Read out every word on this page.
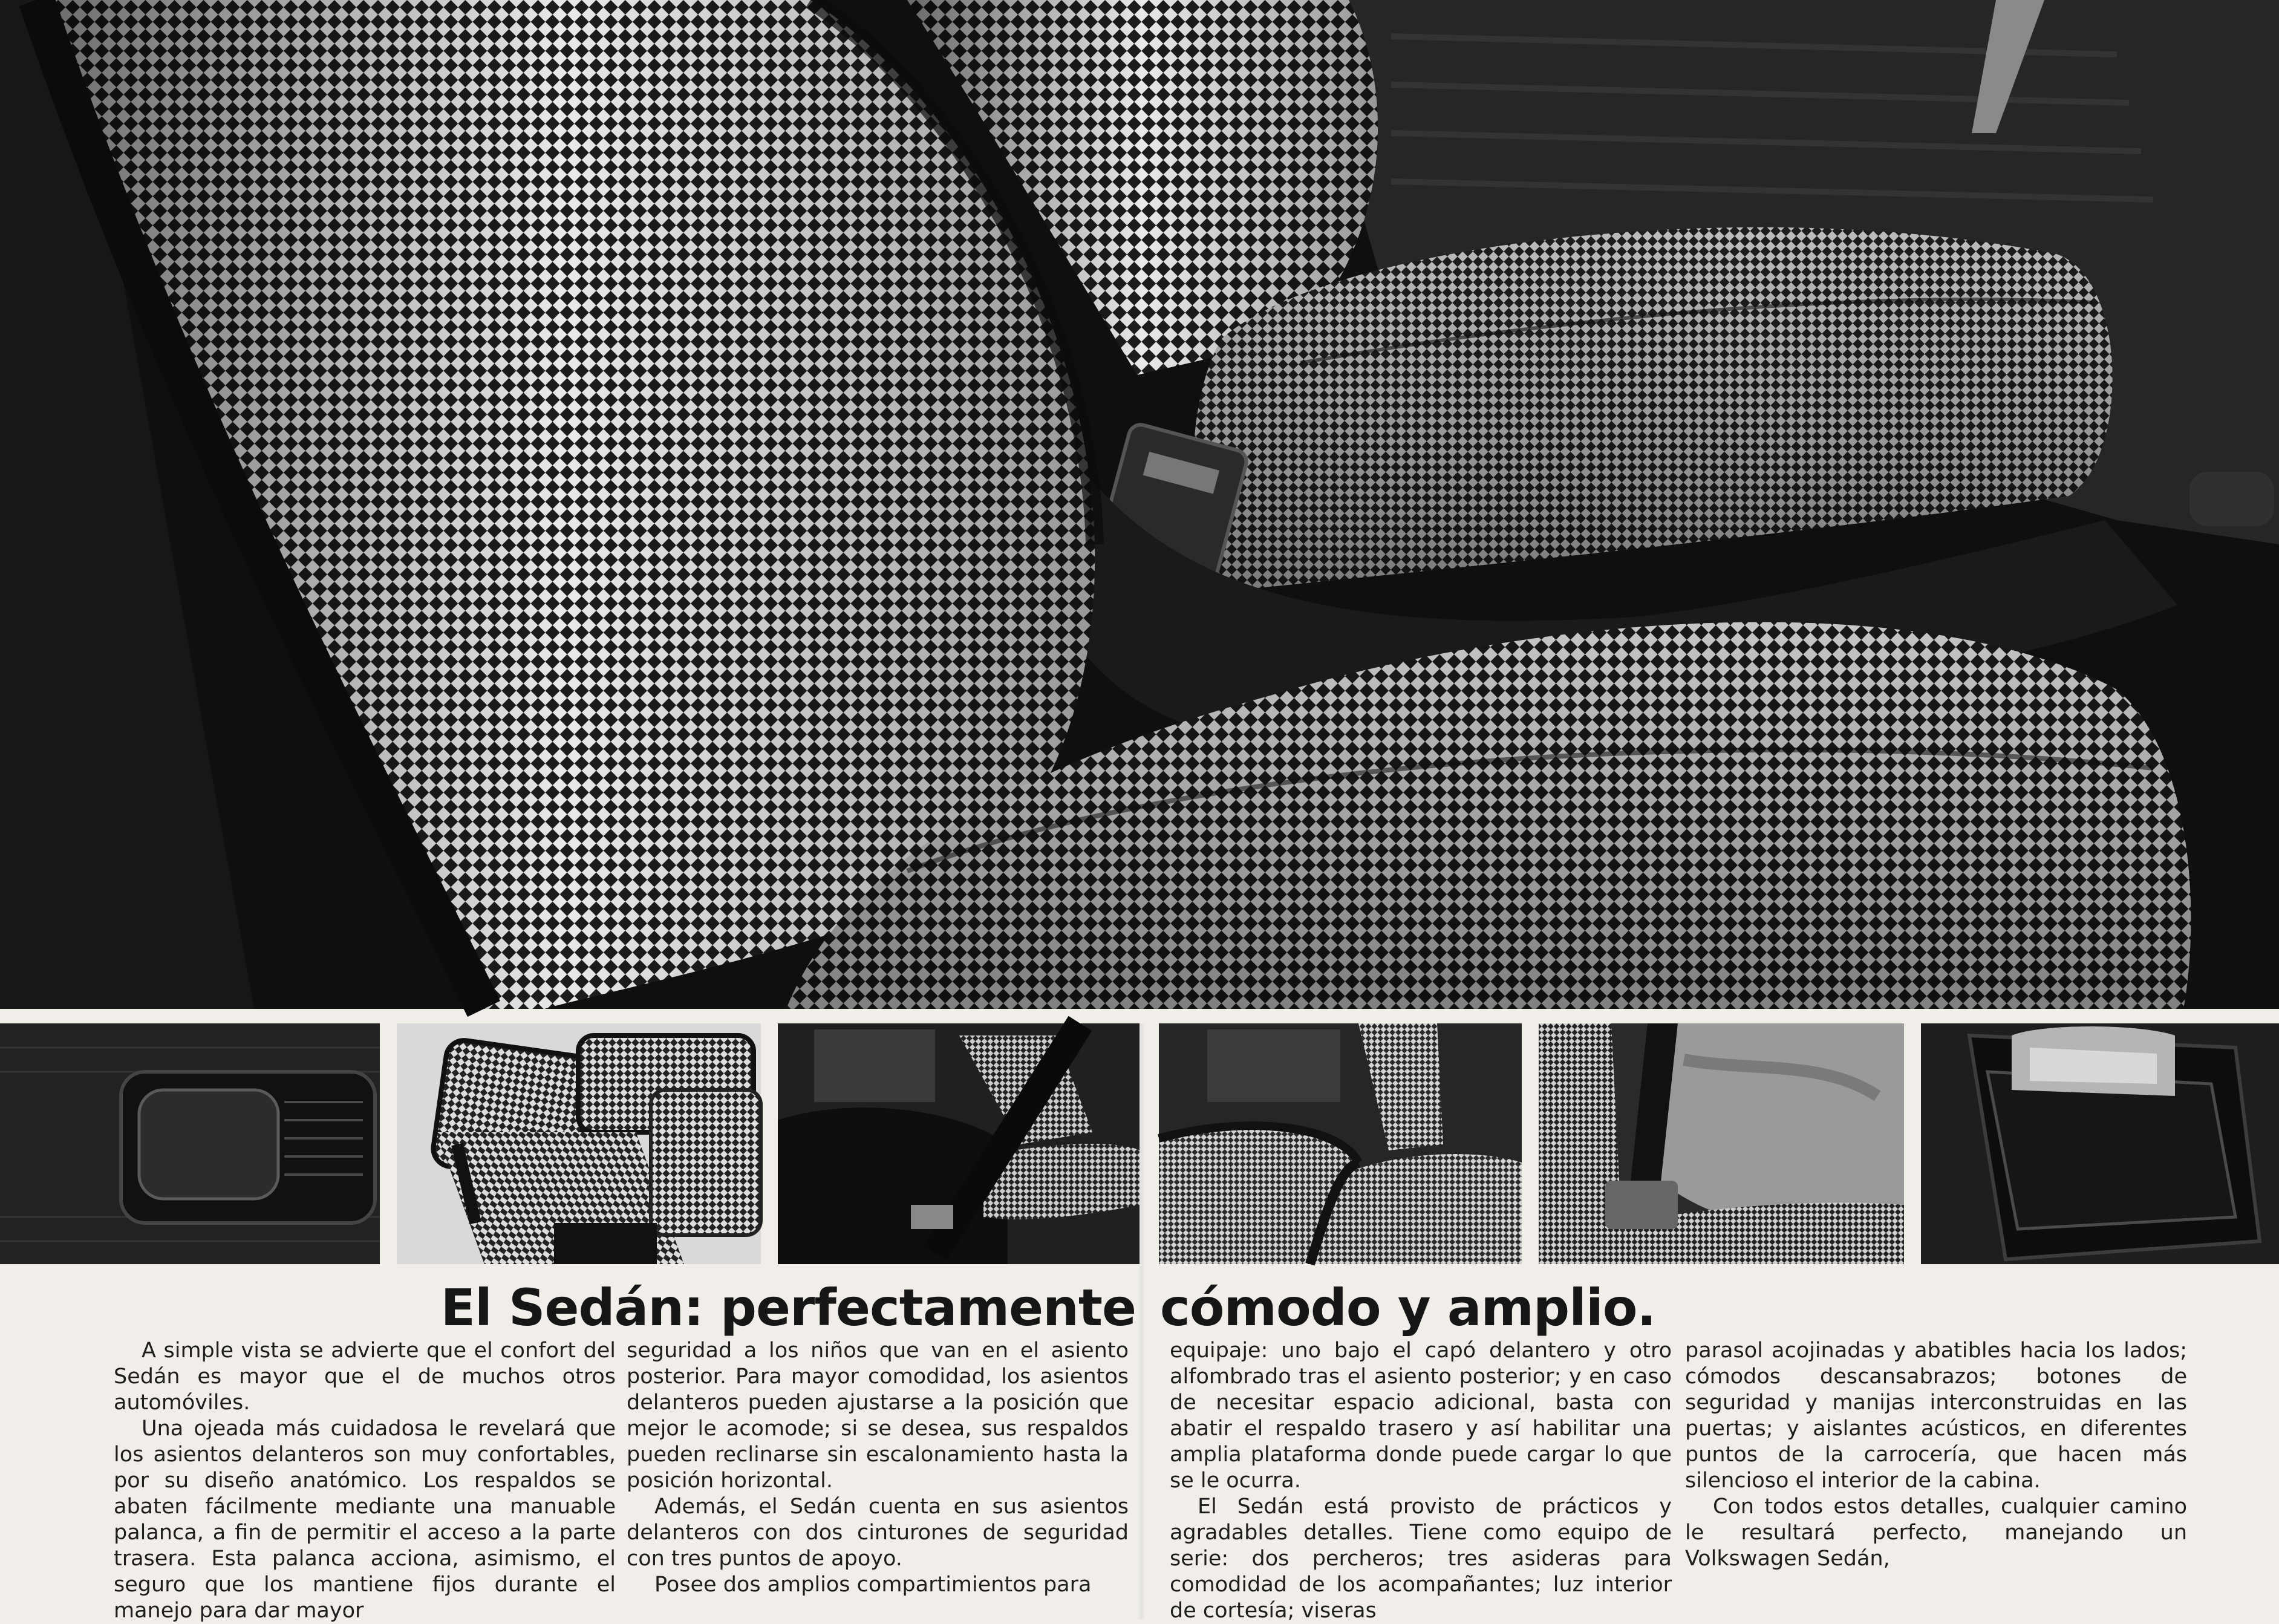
El Sedán: perfectamente cómodo y amplio.

A simple vista se advierte que el confort del Sedán es mayor que el de muchos otros automóviles.

Una ojeada más cuidadosa le revelará que los asientos delanteros son muy confortables, por su diseño anatómico. Los respaldos se abaten fácilmente mediante una manuable palanca, a fin de permitir el acceso a la parte trasera. Esta palanca acciona, asimismo, el seguro que los mantiene fijos durante el manejo para dar mayor

seguridad a los niños que van en el asiento posterior. Para mayor comodidad, los asientos delanteros pueden ajustarse a la posición que mejor le acomode; si se desea, sus respaldos pueden reclinarse sin escalonamiento hasta la posición horizontal.

Además, el Sedán cuenta en sus asientos delanteros con dos cinturones de seguridad con tres puntos de apoyo.

Posee dos amplios compartimientos para

equipaje: uno bajo el capó delantero y otro alfombrado tras el asiento posterior; y en caso de necesitar espacio adicional, basta con abatir el respaldo trasero y así habilitar una amplia plataforma donde puede cargar lo que se le ocurra.

El Sedán está provisto de prácticos y agradables detalles. Tiene como equipo de serie: dos percheros; tres asideras para comodidad de los acompañantes; luz interior de cortesía; viseras

parasol acojinadas y abatibles hacia los lados; cómodos descansabrazos; botones de seguridad y manijas interconstruidas en las puertas; y aislantes acústicos, en diferentes puntos de la carrocería, que hacen más silencioso el interior de la cabina.

Con todos estos detalles, cualquier camino le resultará perfecto, manejando un Volkswagen Sedán,
